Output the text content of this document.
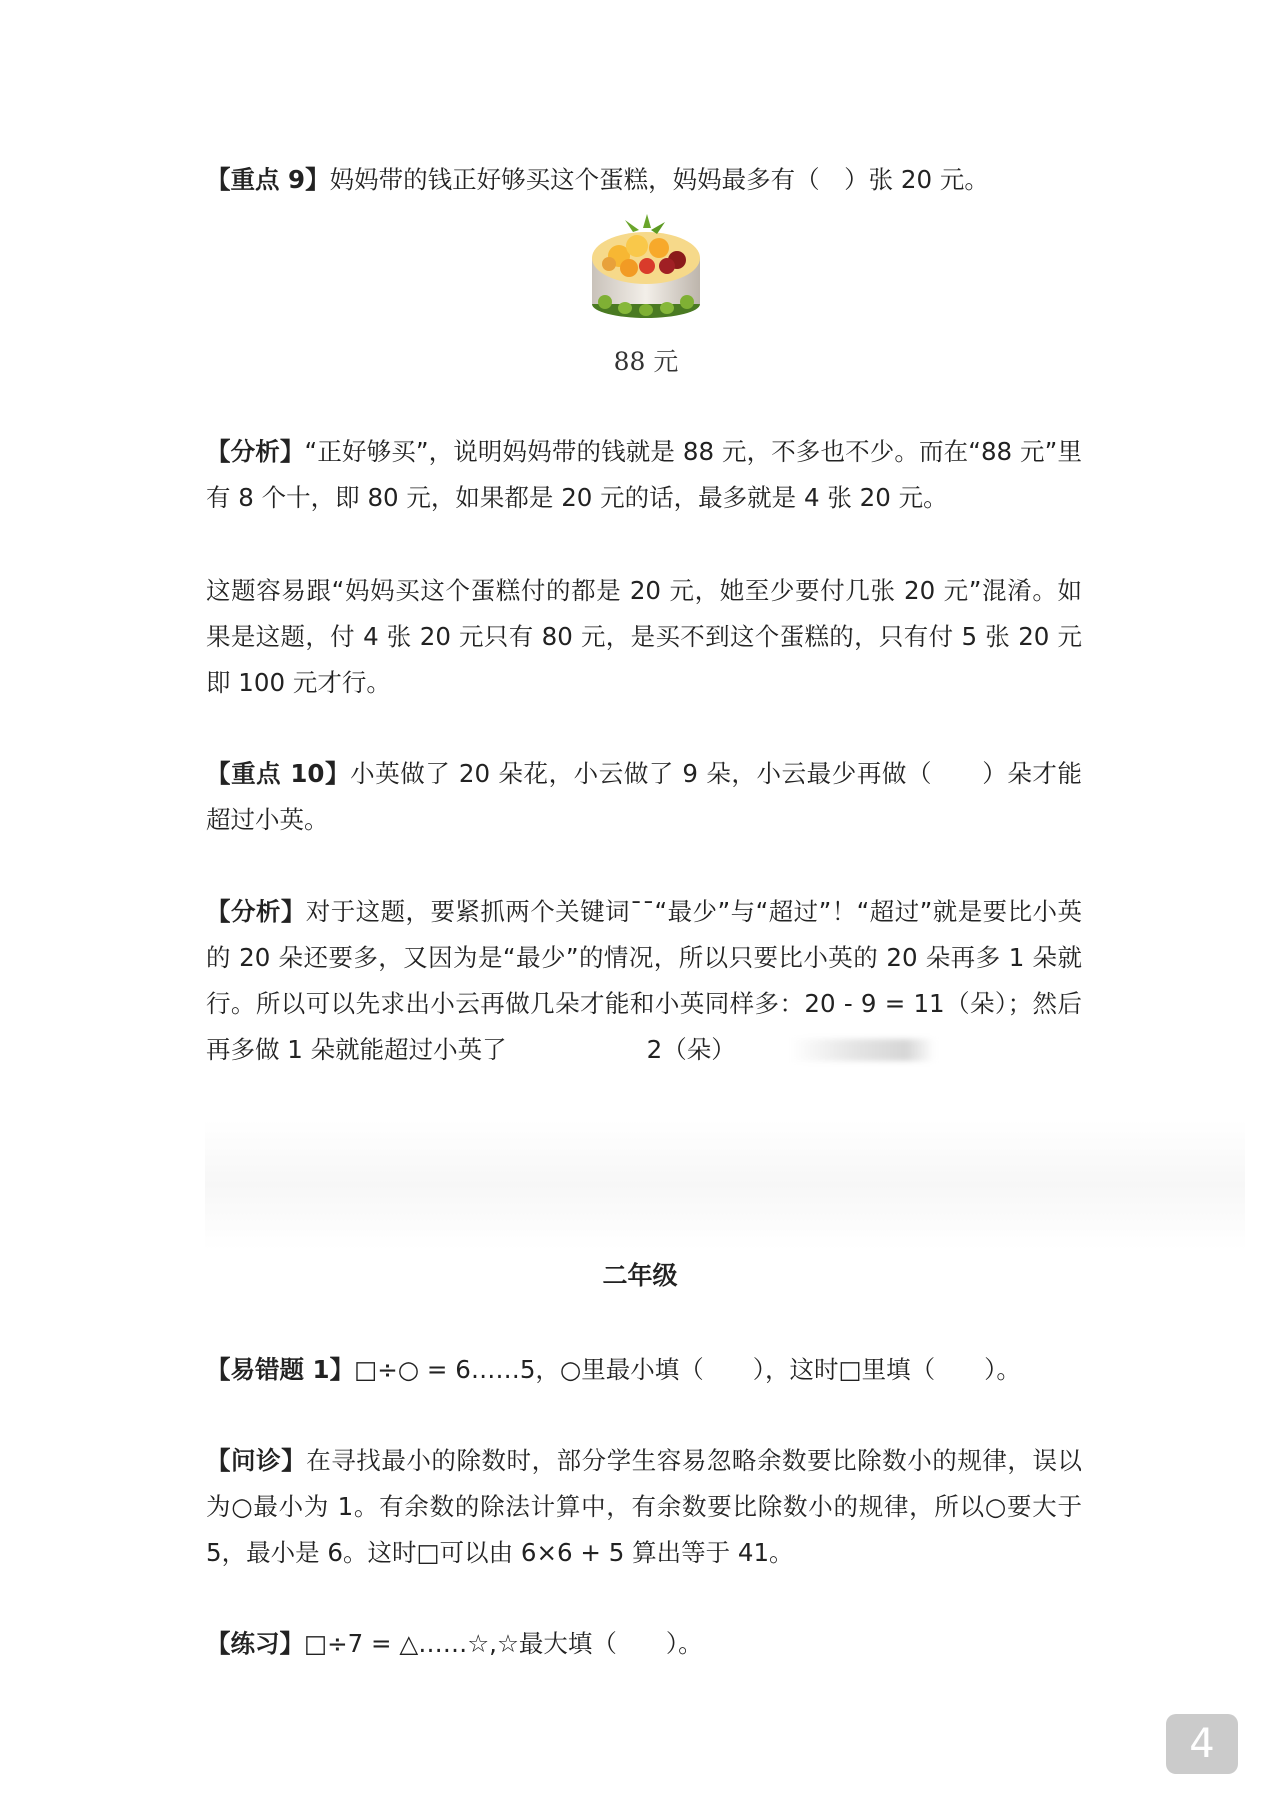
【重点 9】妈妈带的钱正好够买这个蛋糕，妈妈最多有（　）张 20 元。

88 元

【分析】“正好够买”，说明妈妈带的钱就是 88 元，不多也不少。而在“88 元”里有 8 个十，即 80 元，如果都是 20 元的话，最多就是 4 张 20 元。

这题容易跟“妈妈买这个蛋糕付的都是 20 元，她至少要付几张 20 元”混淆。如果是这题，付 4 张 20 元只有 80 元，是买不到这个蛋糕的，只有付 5 张 20 元即 100 元才行。

【重点 10】小英做了 20 朵花，小云做了 9 朵，小云最少再做（　　）朵才能超过小英。

【分析】对于这题，要紧抓两个关键词¯¯“最少”与“超过”！“超过”就是要比小英的 20 朵还要多，又因为是“最少”的情况，所以只要比小英的 20 朵再多 1 朵就行。所以可以先求出小云再做几朵才能和小英同样多：20 - 9 = 11（朵）；然后再多做 1 朵就能超过小英了	2（朵）

二年级

【易错题 1】□÷○ = 6……5，○里最小填（　　），这时□里填（　　）。

【问诊】在寻找最小的除数时，部分学生容易忽略余数要比除数小的规律，误以为○最小为 1。有余数的除法计算中，有余数要比除数小的规律，所以○要大于 5，最小是 6。这时□可以由 6×6 + 5 算出等于 41。

【练习】□÷7 = △……☆,☆最大填（　　）。

4
